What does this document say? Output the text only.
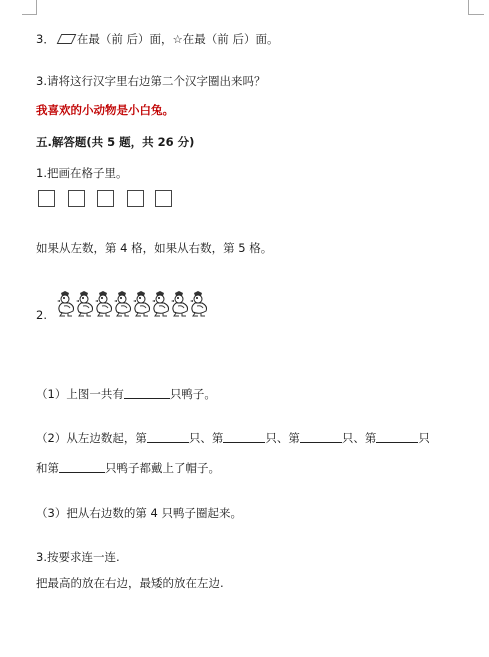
3． 在最（前 后）面，☆在最（前 后）面。
3.请将这行汉字里右边第二个汉字圈出来吗？
我喜欢的小动物是小白兔。
五.解答题(共 5 题，共 26 分)
1.把画在格子里。
如果从左数，第 4 格，如果从右数，第 5 格。
2.
（1）上图一共有	只鸭子。
（2）从左边数起，第	只、第	只、第	只、第	只
和第	只鸭子都戴上了帽子。
（3）把从右边数的第 4 只鸭子圈起来。
3.按要求连一连.
把最高的放在右边，最矮的放在左边.
